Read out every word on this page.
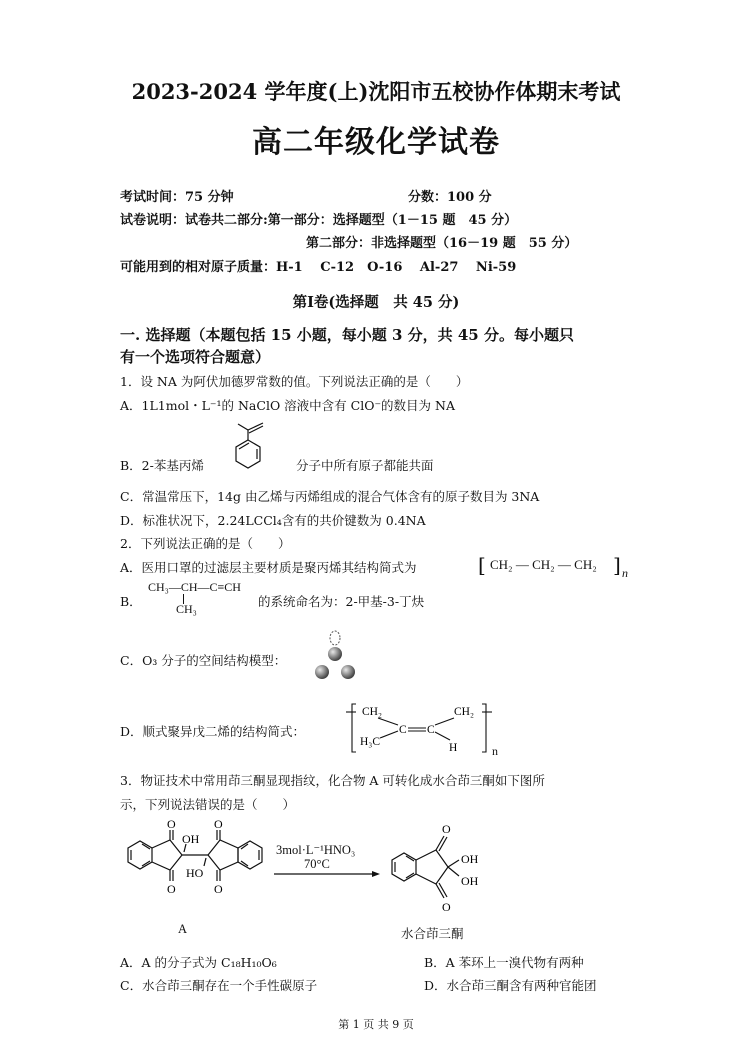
2023-2024 学年度(上)沈阳市五校协作体期末考试
高二年级化学试卷
考试时间：75 分钟	分数：100 分
试卷说明：试卷共二部分:第一部分：选择题型（1－15 题　45 分）
第二部分：非选择题型（16－19 题　55 分）
可能用到的相对原子质量：H-1　 C-12　O-16　 Al-27　 Ni-59
第Ⅰ卷(选择题　共 45 分)
一. 选择题（本题包括 15 小题，每小题 3 分，共 45 分。每小题只
有一个选项符合题意）
1．设 NA 为阿伏加德罗常数的值。下列说法正确的是（　　）
A．1L1mol・L⁻¹的 NaClO 溶液中含有 ClO⁻的数目为 NA
B．2-苯基丙烯	分子中所有原子都能共面
C．常温常压下，14g 由乙烯与丙烯组成的混合气体含有的原子数目为 3NA
D．标准状况下，2.24LCCl₄含有的共价键数为 0.4NA
2．下列说法正确的是（　　）
A．医用口罩的过滤层主要材质是聚丙烯其结构简式为	[ CH₂ — CH₂ — CH₂ ] n
B．
CH₃—CH—C≡CH
CH₃	的系统命名为：2-甲基-3-丁炔
C．O₃ 分子的空间结构模型：
D．顺式聚异戊二烯的结构简式：
CH₂	CH₂
C C
H₃C	H	n
3．物证技术中常用茚三酮显现指纹，化合物 A 可转化成水合茚三酮如下图所
示，下列说法错误的是（　　）
O	O
O	O
OH
HO
A
3mol·L⁻¹HNO₃
70°C
O
O
OH
OH
水合茚三酮
A．A 的分子式为 C₁₈H₁₀O₆	B．A 苯环上一溴代物有两种
C．水合茚三酮存在一个手性碳原子	D．水合茚三酮含有两种官能团
第 1 页 共 9 页
